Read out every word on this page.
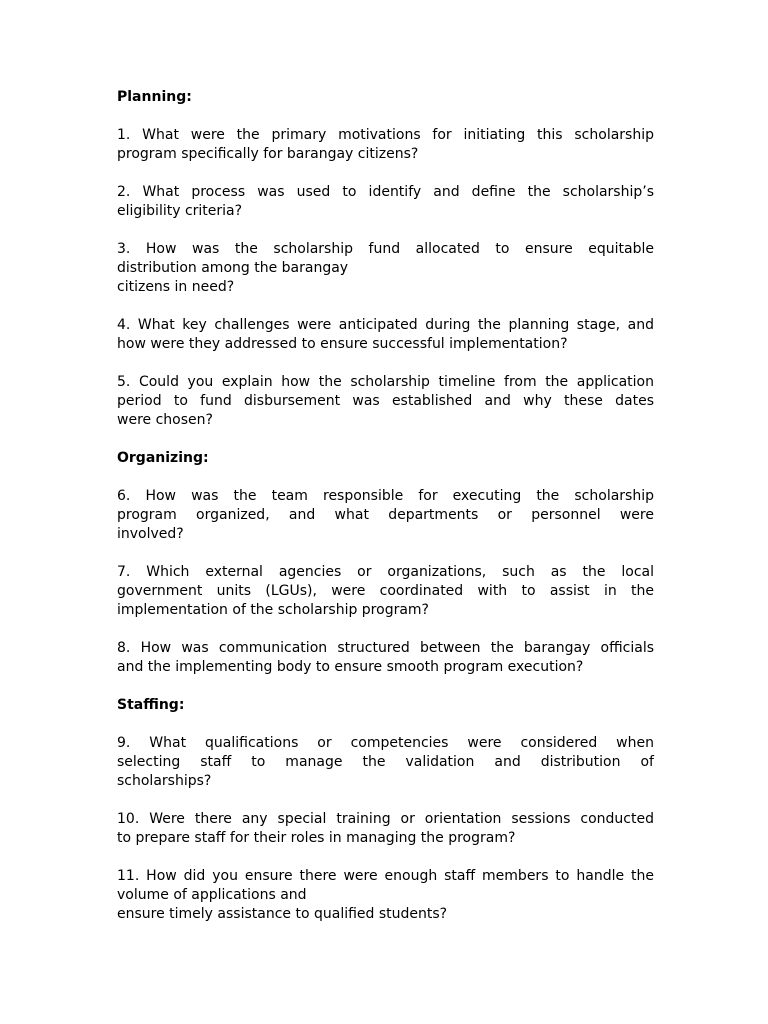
Planning:
1. What were the primary motivations for initiating this scholarship
program specifically for barangay citizens?
2. What process was used to identify and define the scholarship’s
eligibility criteria?
3. How was the scholarship fund allocated to ensure equitable
distribution among the barangay
citizens in need?
4. What key challenges were anticipated during the planning stage, and
how were they addressed to ensure successful implementation?
5. Could you explain how the scholarship timeline from the application
period to fund disbursement was established and why these dates
were chosen?
Organizing:
6. How was the team responsible for executing the scholarship
program organized, and what departments or personnel were
involved?
7. Which external agencies or organizations, such as the local
government units (LGUs), were coordinated with to assist in the
implementation of the scholarship program?
8. How was communication structured between the barangay officials
and the implementing body to ensure smooth program execution?
Staffing:
9. What qualifications or competencies were considered when
selecting staff to manage the validation and distribution of
scholarships?
10. Were there any special training or orientation sessions conducted
to prepare staff for their roles in managing the program?
11. How did you ensure there were enough staff members to handle the
volume of applications and
ensure timely assistance to qualified students?
